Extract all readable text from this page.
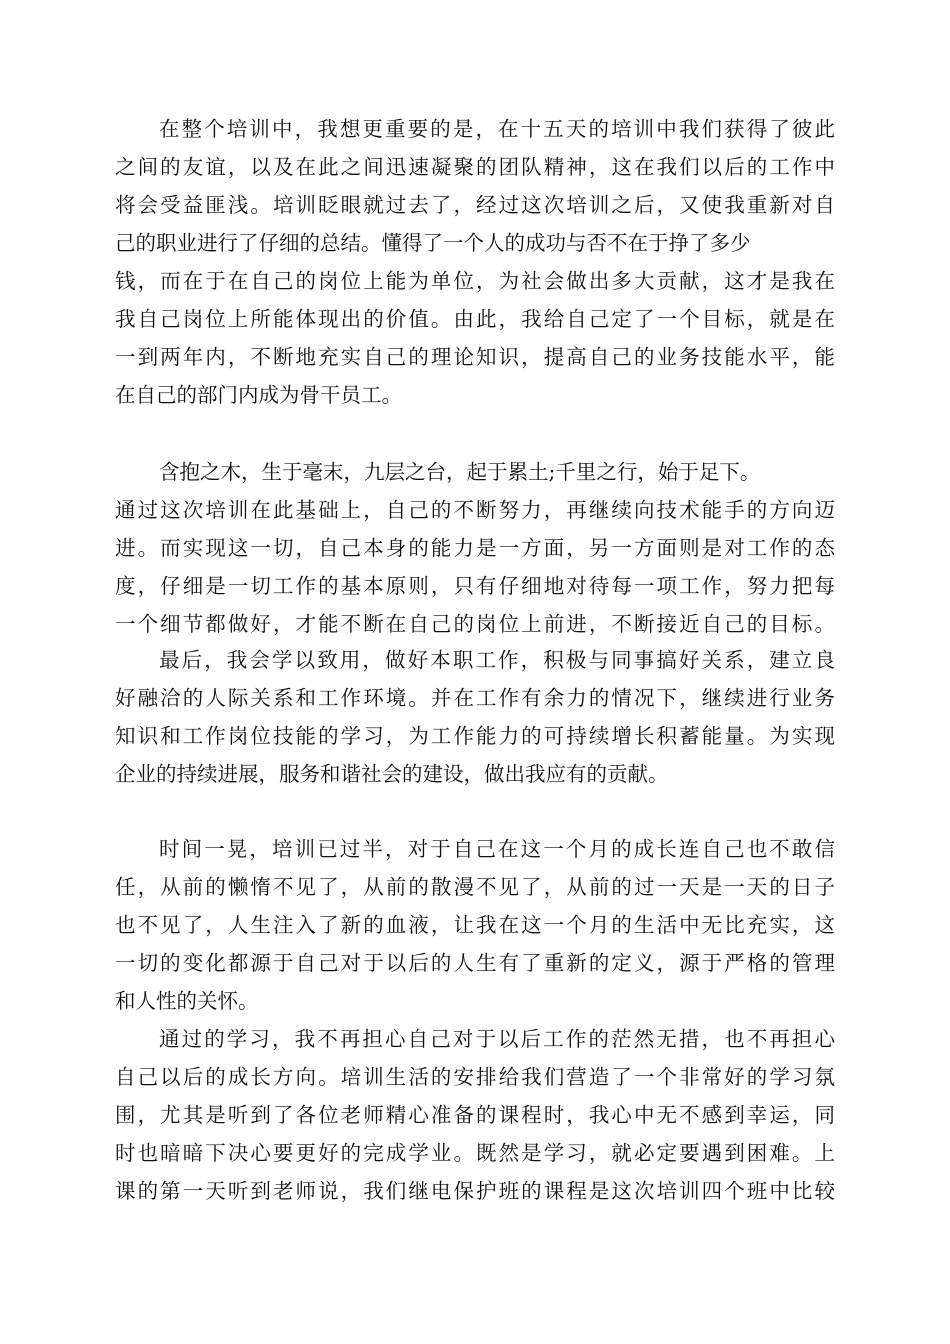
在整个培训中，我想更重要的是，在十五天的培训中我们获得了彼此
之间的友谊，以及在此之间迅速凝聚的团队精神，这在我们以后的工作中
将会受益匪浅。培训眨眼就过去了，经过这次培训之后，又使我重新对自
己的职业进行了仔细的总结。懂得了一个人的成功与否不在于挣了多少
钱，而在于在自己的岗位上能为单位，为社会做出多大贡献，这才是我在
我自己岗位上所能体现出的价值。由此，我给自己定了一个目标，就是在
一到两年内，不断地充实自己的理论知识，提高自己的业务技能水平，能
在自己的部门内成为骨干员工。
含抱之木，生于毫末，九层之台，起于累土;千里之行，始于足下。
通过这次培训在此基础上，自己的不断努力，再继续向技术能手的方向迈
进。而实现这一切，自己本身的能力是一方面，另一方面则是对工作的态
度，仔细是一切工作的基本原则，只有仔细地对待每一项工作，努力把每
一个细节都做好，才能不断在自己的岗位上前进，不断接近自己的目标。
最后，我会学以致用，做好本职工作，积极与同事搞好关系，建立良
好融洽的人际关系和工作环境。并在工作有余力的情况下，继续进行业务
知识和工作岗位技能的学习，为工作能力的可持续增长积蓄能量。为实现
企业的持续进展，服务和谐社会的建设，做出我应有的贡献。
时间一晃，培训已过半，对于自己在这一个月的成长连自己也不敢信
任，从前的懒惰不见了，从前的散漫不见了，从前的过一天是一天的日子
也不见了，人生注入了新的血液，让我在这一个月的生活中无比充实，这
一切的变化都源于自己对于以后的人生有了重新的定义，源于严格的管理
和人性的关怀。
通过的学习，我不再担心自己对于以后工作的茫然无措，也不再担心
自己以后的成长方向。培训生活的安排给我们营造了一个非常好的学习氛
围，尤其是听到了各位老师精心准备的课程时，我心中无不感到幸运，同
时也暗暗下决心要更好的完成学业。既然是学习，就必定要遇到困难。上
课的第一天听到老师说，我们继电保护班的课程是这次培训四个班中比较
